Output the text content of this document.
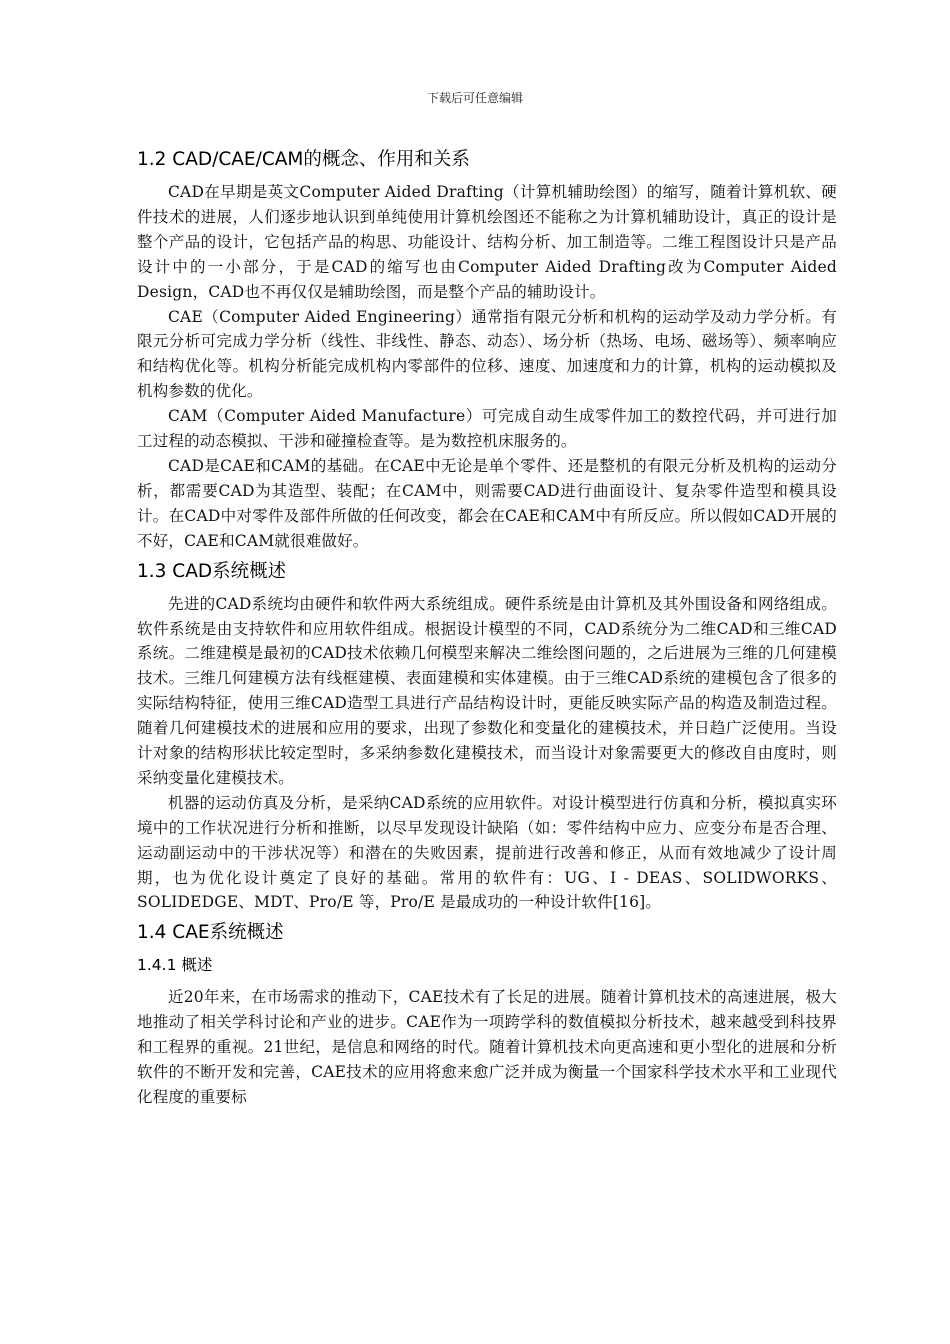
下载后可任意编辑
1.2 CAD/CAE/CAM的概念、作用和关系

CAD在早期是英文Computer Aided Drafting（计算机辅助绘图）的缩写，随着计算机软、硬件技术的进展，人们逐步地认识到单纯使用计算机绘图还不能称之为计算机辅助设计，真正的设计是整个产品的设计，它包括产品的构思、功能设计、结构分析、加工制造等。二维工程图设计只是产品设计中的一小部分，于是CAD的缩写也由Computer Aided Drafting改为Computer Aided Design，CAD也不再仅仅是辅助绘图，而是整个产品的辅助设计。

CAE（Computer Aided Engineering）通常指有限元分析和机构的运动学及动力学分析。有限元分析可完成力学分析（线性、非线性、静态、动态）、场分析（热场、电场、磁场等）、频率响应和结构优化等。机构分析能完成机构内零部件的位移、速度、加速度和力的计算，机构的运动模拟及机构参数的优化。

CAM（Computer Aided Manufacture）可完成自动生成零件加工的数控代码，并可进行加工过程的动态模拟、干涉和碰撞检查等。是为数控机床服务的。

CAD是CAE和CAM的基础。在CAE中无论是单个零件、还是整机的有限元分析及机构的运动分析，都需要CAD为其造型、装配；在CAM中，则需要CAD进行曲面设计、复杂零件造型和模具设计。在CAD中对零件及部件所做的任何改变，都会在CAE和CAM中有所反应。所以假如CAD开展的不好，CAE和CAM就很难做好。

1.3 CAD系统概述

先进的CAD系统均由硬件和软件两大系统组成。硬件系统是由计算机及其外围设备和网络组成。软件系统是由支持软件和应用软件组成。根据设计模型的不同，CAD系统分为二维CAD和三维CAD系统。二维建模是最初的CAD技术依赖几何模型来解决二维绘图问题的，之后进展为三维的几何建模技术。三维几何建模方法有线框建模、表面建模和实体建模。由于三维CAD系统的建模包含了很多的实际结构特征，使用三维CAD造型工具进行产品结构设计时，更能反映实际产品的构造及制造过程。随着几何建模技术的进展和应用的要求，出现了参数化和变量化的建模技术，并日趋广泛使用。当设计对象的结构形状比较定型时，多采纳参数化建模技术，而当设计对象需要更大的修改自由度时，则采纳变量化建模技术。

机器的运动仿真及分析，是采纳CAD系统的应用软件。对设计模型进行仿真和分析，模拟真实环境中的工作状况进行分析和推断，以尽早发现设计缺陷（如：零件结构中应力、应变分布是否合理、运动副运动中的干涉状况等）和潜在的失败因素，提前进行改善和修正，从而有效地减少了设计周期，也为优化设计奠定了良好的基础。常用的软件有：UG、I - DEAS、SOLIDWORKS、SOLIDEDGE、MDT、Pro/E 等，Pro/E 是最成功的一种设计软件[16]。

1.4 CAE系统概述
1.4.1 概述

近20年来，在市场需求的推动下，CAE技术有了长足的进展。随着计算机技术的高速进展，极大地推动了相关学科讨论和产业的进步。CAE作为一项跨学科的数值模拟分析技术，越来越受到科技界和工程界的重视。21世纪，是信息和网络的时代。随着计算机技术向更高速和更小型化的进展和分析软件的不断开发和完善，CAE技术的应用将愈来愈广泛并成为衡量一个国家科学技术水平和工业现代化程度的重要标
